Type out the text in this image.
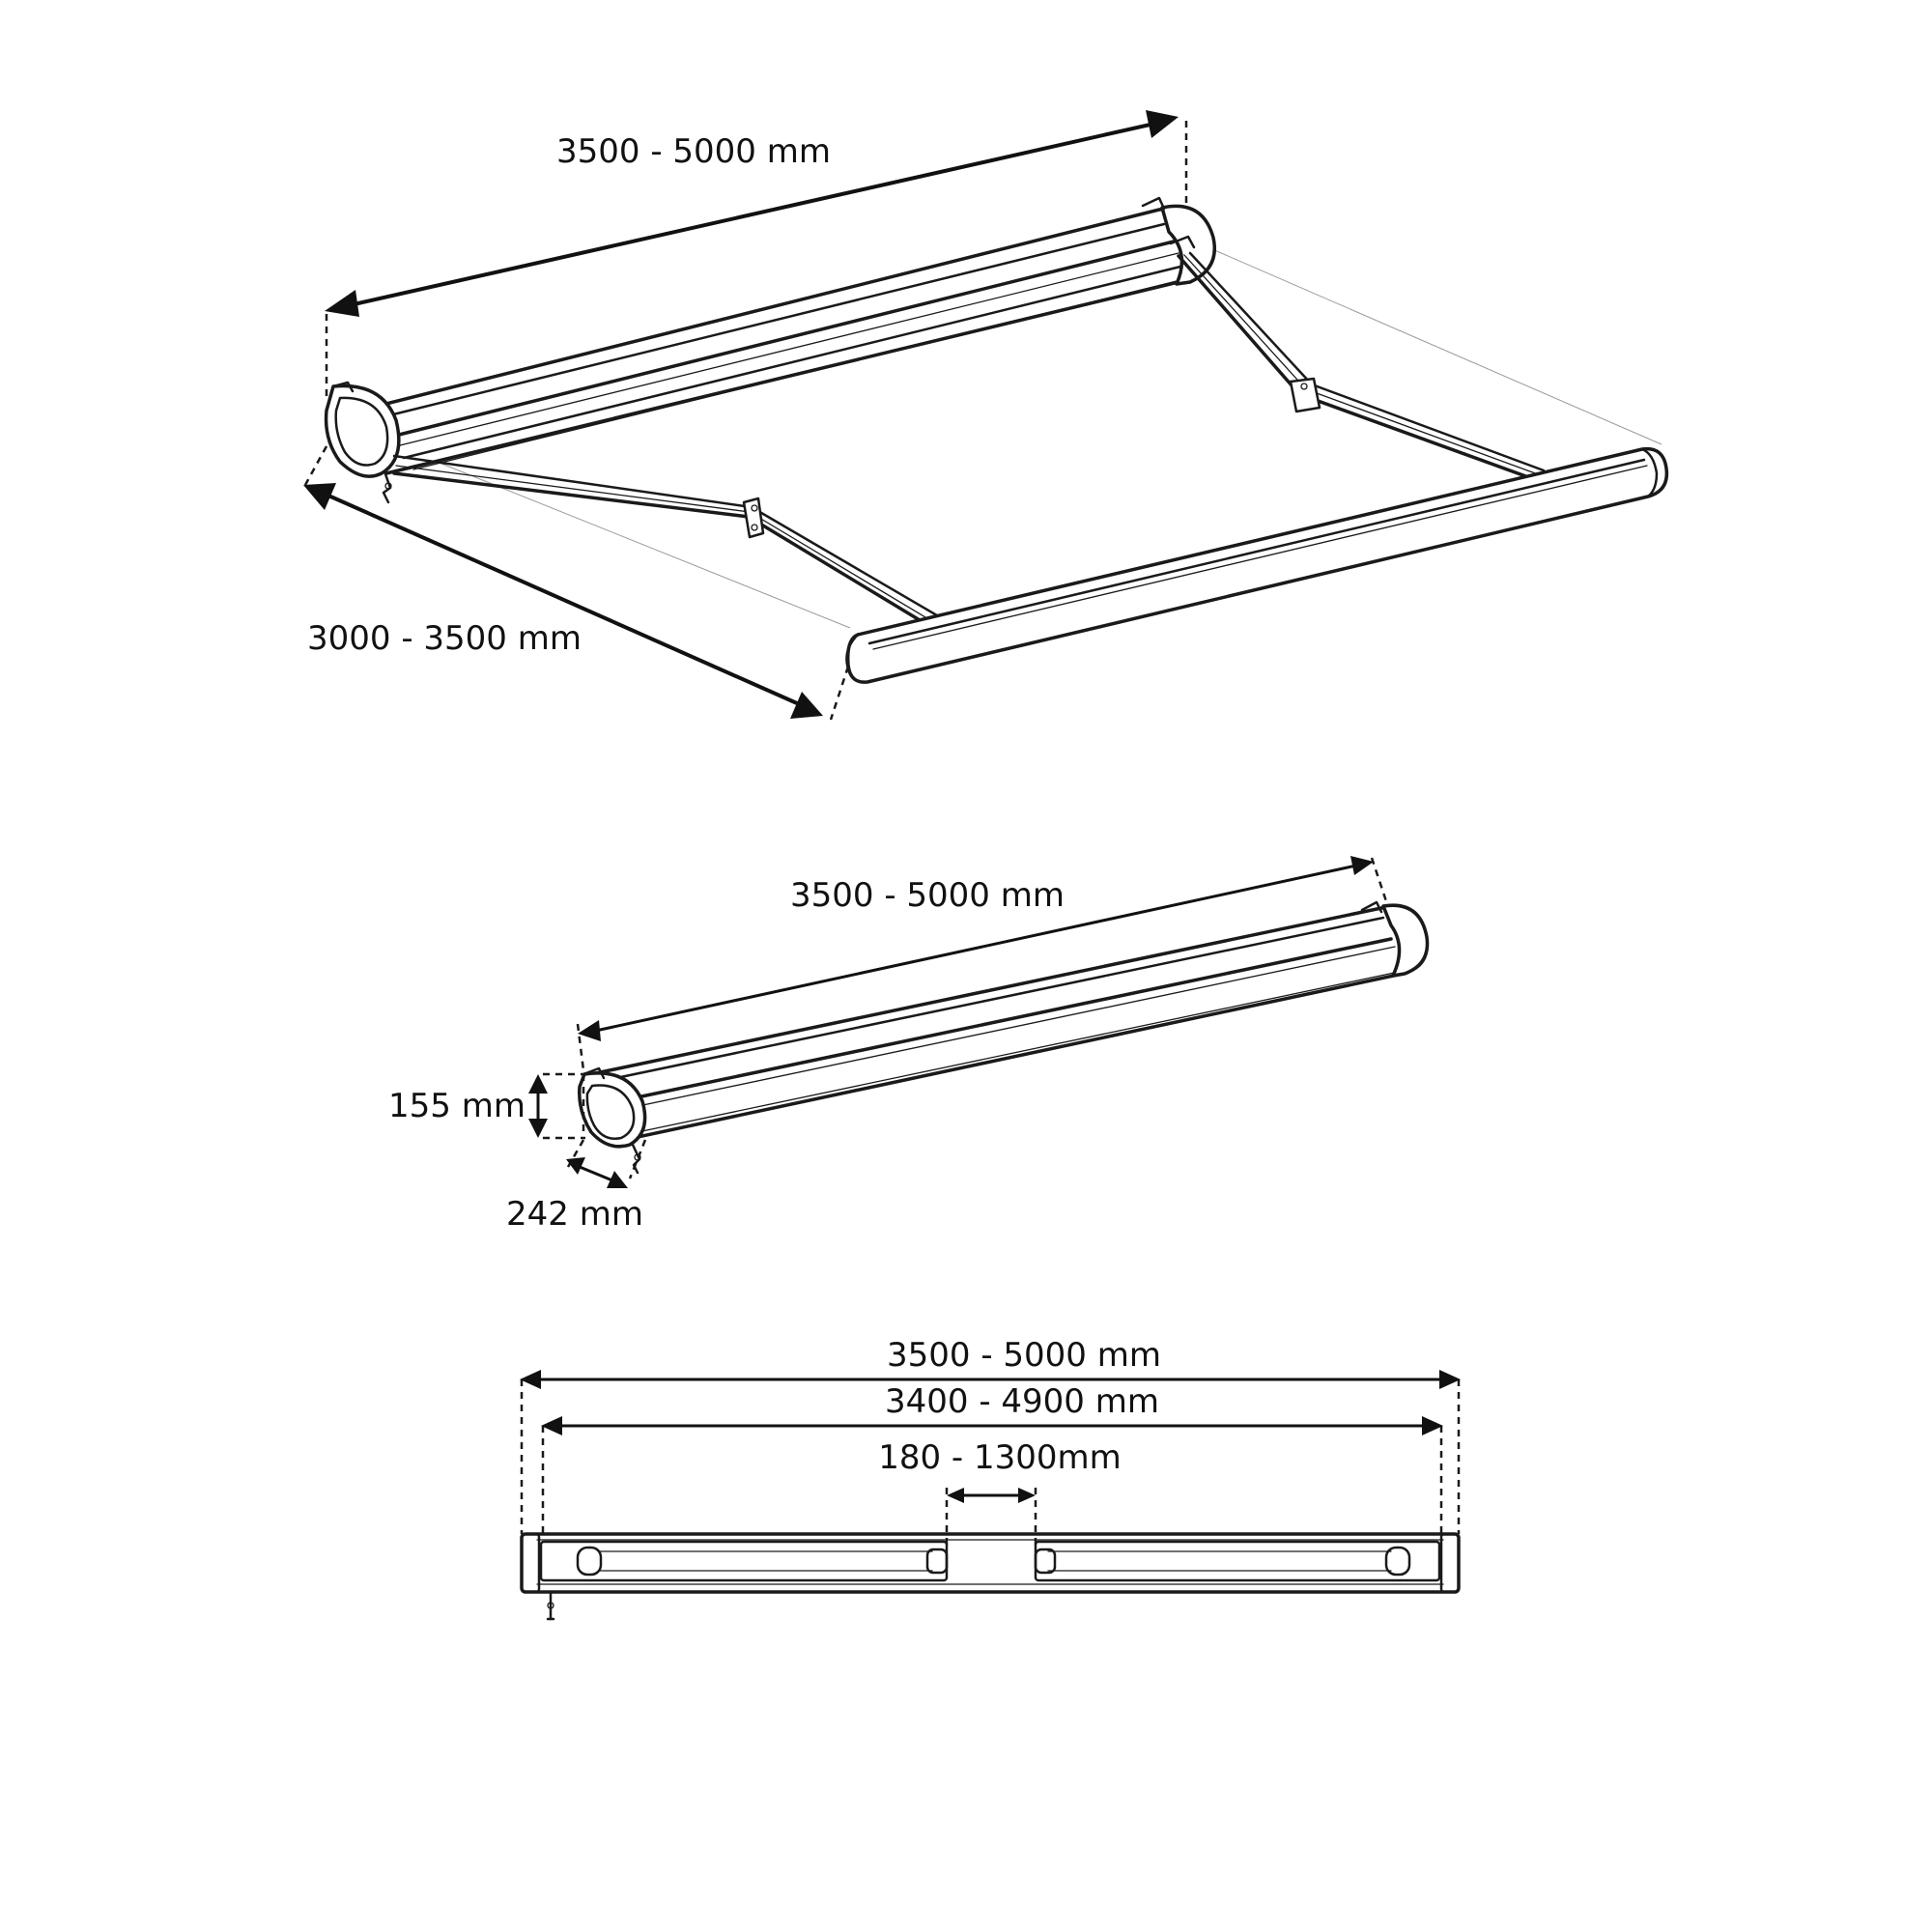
3500 - 5000 mm
3000 - 3500 mm
3500 - 5000 mm
155 mm
242 mm
3500 - 5000 mm
3400 - 4900 mm
180 - 1300mm
